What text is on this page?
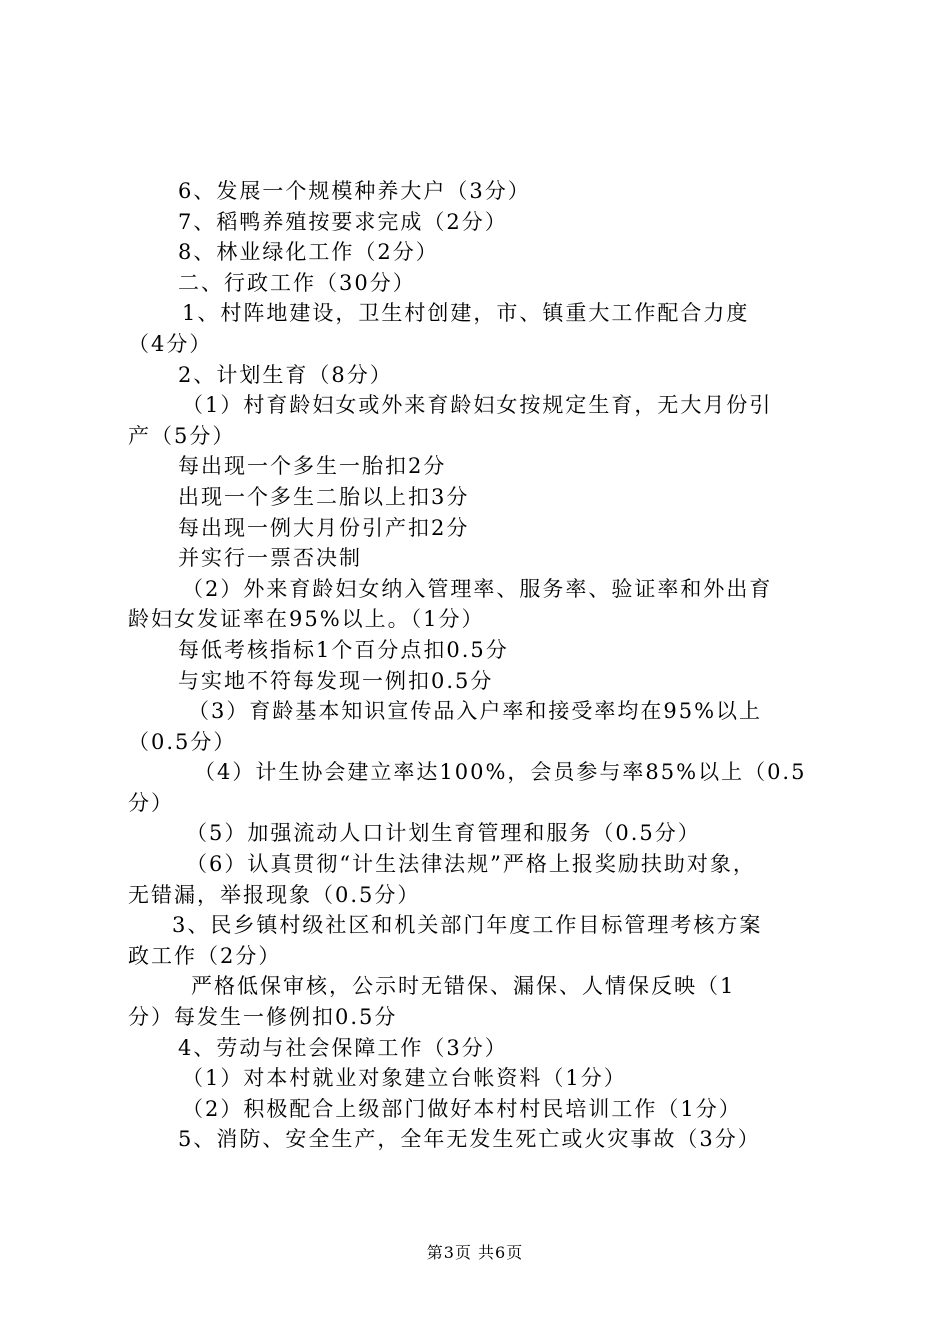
6、发展一个规模种养大户（3分）
7、稻鸭养殖按要求完成（2分）
8、林业绿化工作（2分）
二、行政工作（30分）
1、村阵地建设，卫生村创建，市、镇重大工作配合力度
（4分）
2、计划生育（8分）
（1）村育龄妇女或外来育龄妇女按规定生育，无大月份引
产（5分）
每出现一个多生一胎扣2分
出现一个多生二胎以上扣3分
每出现一例大月份引产扣2分
并实行一票否决制
（2）外来育龄妇女纳入管理率、服务率、验证率和外出育
龄妇女发证率在95%以上。（1分）
每低考核指标1个百分点扣0.5分
与实地不符每发现一例扣0.5分
（3）育龄基本知识宣传品入户率和接受率均在95%以上
（0.5分）
（4）计生协会建立率达100%，会员参与率85%以上（0.5
分）
（5）加强流动人口计划生育管理和服务（0.5分）
（6）认真贯彻“计生法律法规”严格上报奖励扶助对象，
无错漏，举报现象（0.5分）
3、民乡镇村级社区和机关部门年度工作目标管理考核方案
政工作（2分）
严格低保审核，公示时无错保、漏保、人情保反映（1
分）每发生一修例扣0.5分
4、劳动与社会保障工作（3分）
（1）对本村就业对象建立台帐资料（1分）
（2）积极配合上级部门做好本村村民培训工作（1分）
5、消防、安全生产，全年无发生死亡或火灾事故（3分）
第3页 共6页
